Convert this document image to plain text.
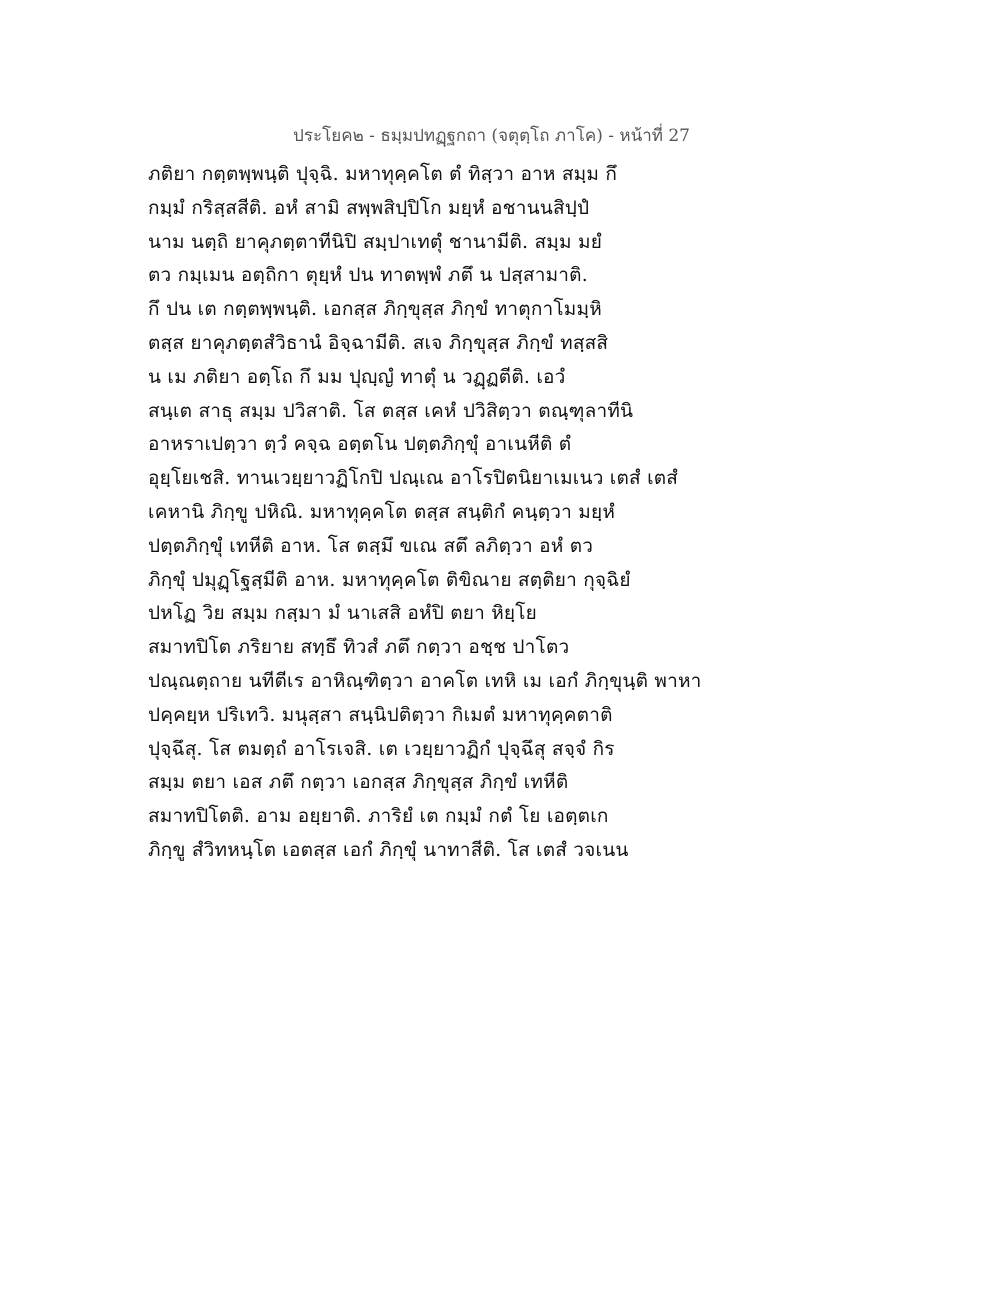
ประโยค๒ - ธมฺมปทฏฺฐกถา (จตุตฺโถ ภาโค) - หน้าที่ 27
ภติยา กตฺตพฺพนฺติ ปุจฺฉิ. มหาทุคฺคโต ตํ ทิสฺวา อาห สมฺม กึ
กมฺมํ กริสฺสสีติ. อหํ สามิ สพฺพสิปฺปิโก มยฺหํ อชานนสิปฺปํ
นาม นตฺถิ ยาคุภตฺตาทีนิปิ สมฺปาเทตุํ ชานามีติ. สมฺม มยํ
ตว กมฺเมน อตฺถิกา ตุยฺหํ ปน ทาตพฺพํ ภตึ น ปสฺสามาติ.
กึ ปน เต กตฺตพฺพนฺติ. เอกสฺส ภิกฺขุสฺส ภิกฺขํ ทาตุกาโมมฺหิ
ตสฺส ยาคุภตฺตสํวิธานํ อิจฺฉามีติ. สเจ ภิกฺขุสฺส ภิกฺขํ ทสฺสสิ
น เม ภติยา อตฺโถ กึ มม ปุญฺญํ ทาตุํ น วฏฺฏตีติ. เอวํ
สนฺเต สาธุ สมฺม ปวิสาติ. โส ตสฺส เคหํ ปวิสิตฺวา ตณฺฑุลาทีนิ
อาหราเปตฺวา ตฺวํ คจฺฉ อตฺตโน ปตฺตภิกฺขุํ อาเนหีติ ตํ
อุยฺโยเชสิ. ทานเวยฺยาวฏิโกปิ ปณฺเณ อาโรปิตนิยาเมเนว เตสํ เตสํ
เคหานิ ภิกฺขู ปหิณิ. มหาทุคฺคโต ตสฺส สนฺติกํ คนฺตฺวา มยฺหํ
ปตฺตภิกฺขุํ เทหีติ อาห. โส ตสฺมึ ขเณ สตึ ลภิตฺวา อหํ ตว
ภิกฺขุํ ปมุฏฺโฐสฺมีติ อาห. มหาทุคฺคโต ติขิณาย สตฺติยา กุจฺฉิยํ
ปหโฏ วิย สมฺม กสฺมา มํ นาเสสิ อหํปิ ตยา หิยฺโย
สมาทปิโต ภริยาย สทฺธึ ทิวสํ ภตึ กตฺวา อชฺช ปาโตว
ปณฺณตฺถาย นทีตีเร อาหิณฺฑิตฺวา อาคโต เทหิ เม เอกํ ภิกฺขุนฺติ พาหา
ปคฺคยฺห ปริเทวิ. มนุสฺสา สนฺนิปติตฺวา กิเมตํ มหาทุคฺคตาติ
ปุจฺฉึสุ. โส ตมตฺถํ อาโรเจสิ. เต เวยฺยาวฏิกํ ปุจฺฉึสุ สจฺจํ กิร
สมฺม ตยา เอส ภตึ กตฺวา เอกสฺส ภิกฺขุสฺส ภิกฺขํ เทหีติ
สมาทปิโตติ. อาม อยฺยาติ. ภาริยํ เต กมฺมํ กตํ โย เอตฺตเก
ภิกฺขู สํวิทหนฺโต เอตสฺส เอกํ ภิกฺขุํ นาทาสีติ. โส เตสํ วจเนน
